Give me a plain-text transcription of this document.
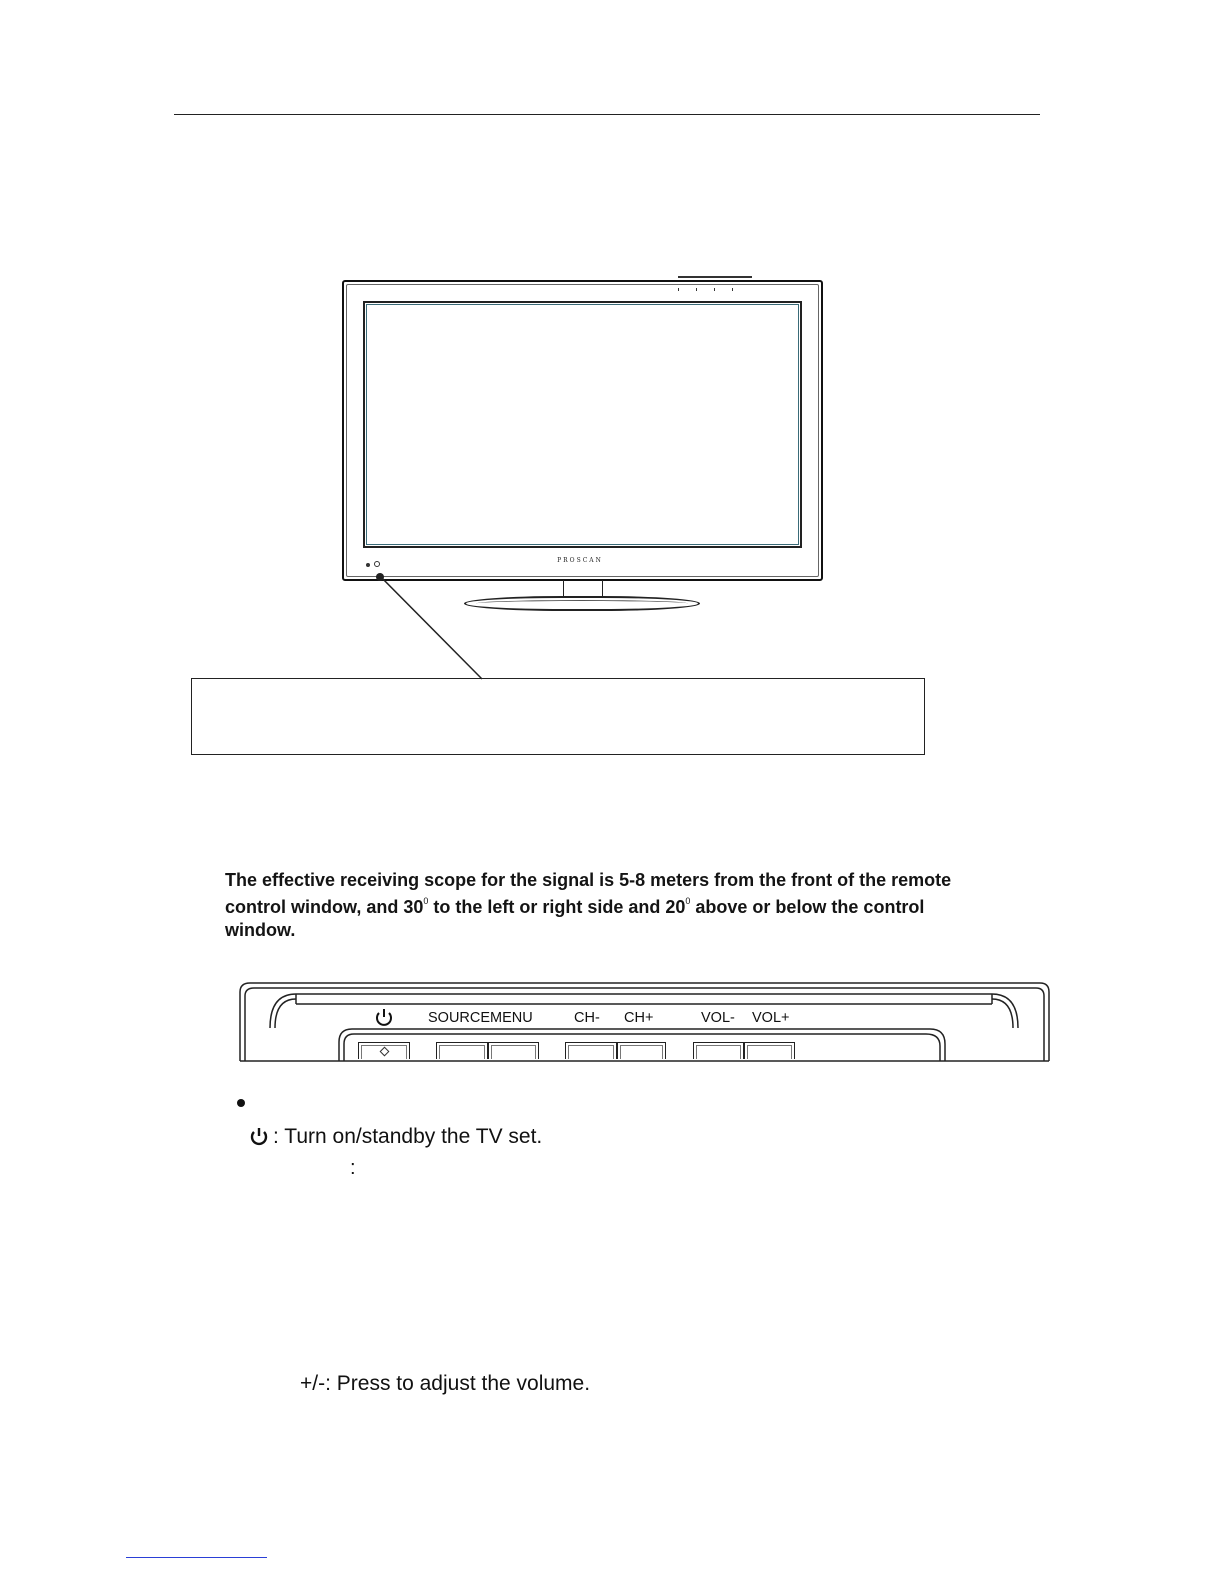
PROSCAN
The effective receiving scope for the signal is 5-8 meters from the front of the remote
control window, and $30^0$ to the left or right side and $20^0$ above or below the control
window.
SOURCE MENU	CH- CH+	VOL- VOL+
: Turn on/standby the TV set.
:
+/-: Press to adjust the volume.
